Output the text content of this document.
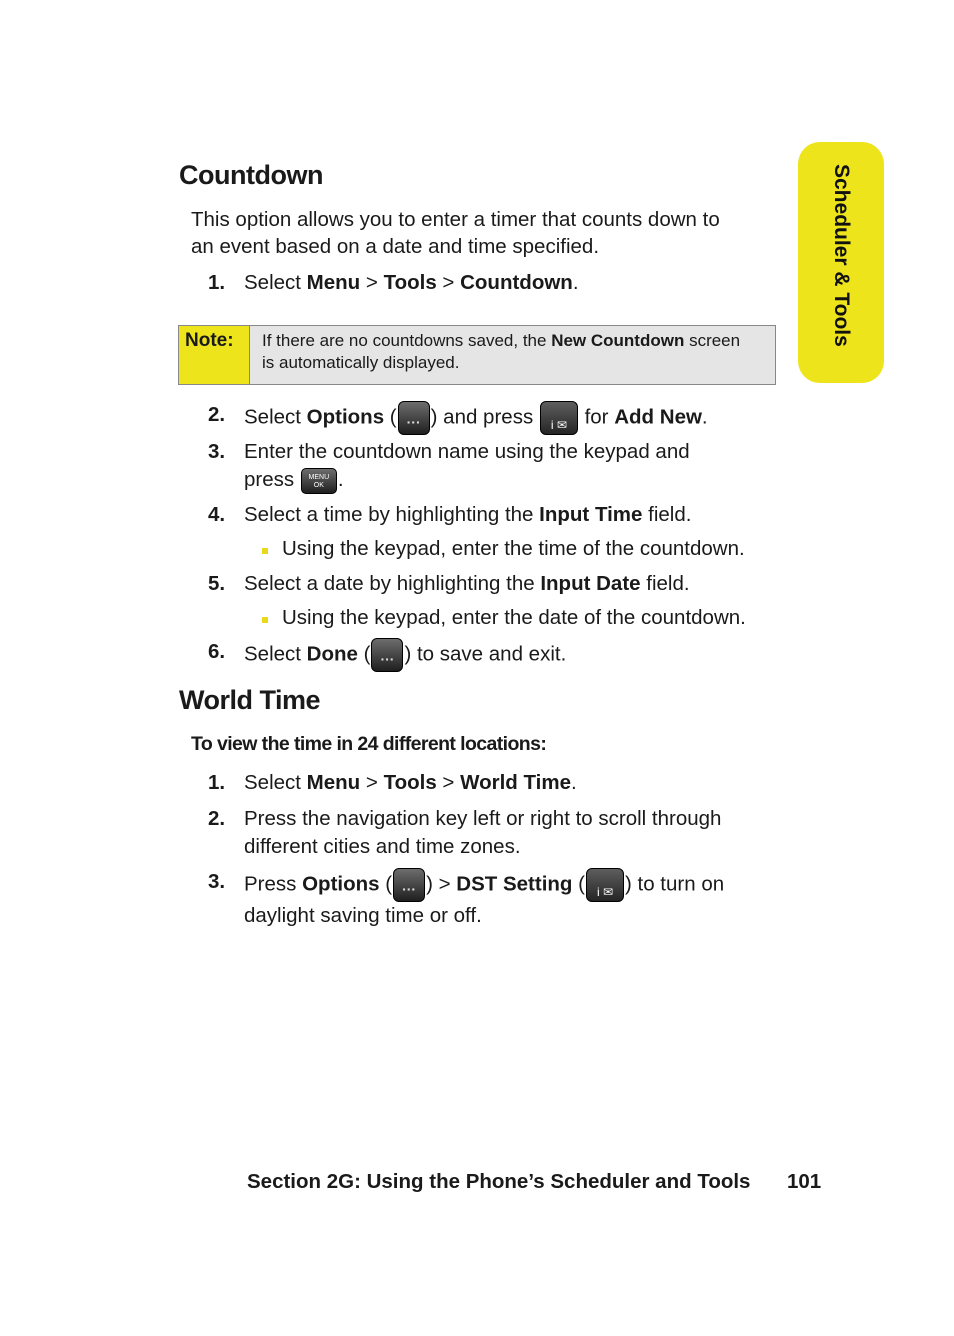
Scheduler & Tools
Countdown

This option allows you to enter a timer that counts down to

an event based on a date and time specified.

1. Select Menu > Tools > Countdown.
Note:	If there are no countdowns saved, the New Countdown screen
is automatically displayed.
2. Select Options ( ··· ) and press i ✉ for Add New.
3. Enter the countdown name using the keypad and
press MENU OK.
4. Select a time by highlighting the Input Time field.
Using the keypad, enter the time of the countdown.
5. Select a date by highlighting the Input Date field.
Using the keypad, enter the date of the countdown.
6. Select Done ( ··· ) to save and exit.
World Time

To view the time in 24 different locations:

1. Select Menu > Tools > World Time.
2. Press the navigation key left or right to scroll through
different cities and time zones.
3. Press Options ( ··· ) > DST Setting ( i ✉ ) to turn on
daylight saving time or off.
Section 2G: Using the Phone’s Scheduler and Tools 101
